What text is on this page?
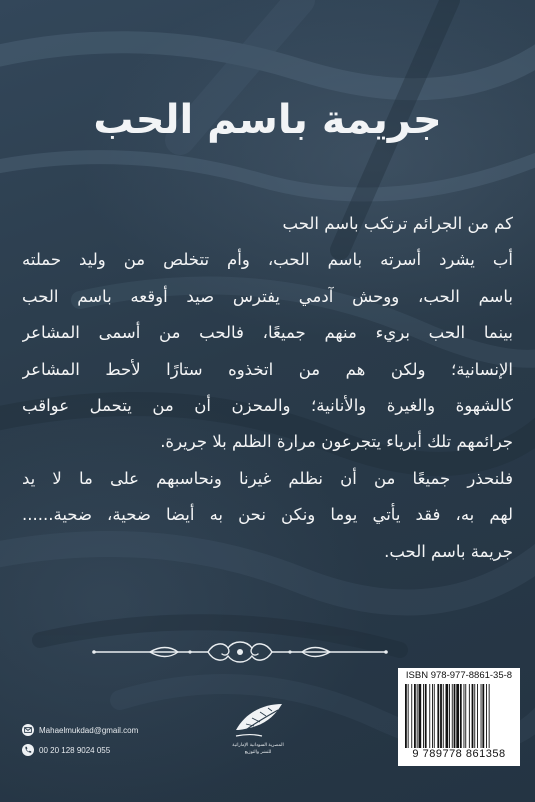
جريمة باسم الحب
كم من الجرائم ترتكب باسم الحب
أب يشرد أسرته باسم الحب، وأم تتخلص من وليد حملته
باسم الحب، ووحش آدمي يفترس صيد أوقعه باسم الحب
بينما الحب بريء منهم جميعًا، فالحب من أسمى المشاعر
الإنسانية؛ ولكن هم من اتخذوه ستارًا لأحط المشاعر
كالشهوة والغيرة والأنانية؛ والمحزن أن من يتحمل عواقب
جرائمهم تلك أبرياء يتجرعون مرارة الظلم بلا جريرة.
فلنحذر جميعًا من أن نظلم غيرنا ونحاسبهم على ما لا يد
لهم به، فقد يأتي يوما ونكن نحن به أيضا ضحية، ضحية......
جريمة باسم الحب.
Mahaelmukdad@gmail.com
00 20 128 9024 055	المصرية السودانية الإماراتية
للنشر والتوزيع
ISBN 978-977-8861-35-8
9 789778 861358
